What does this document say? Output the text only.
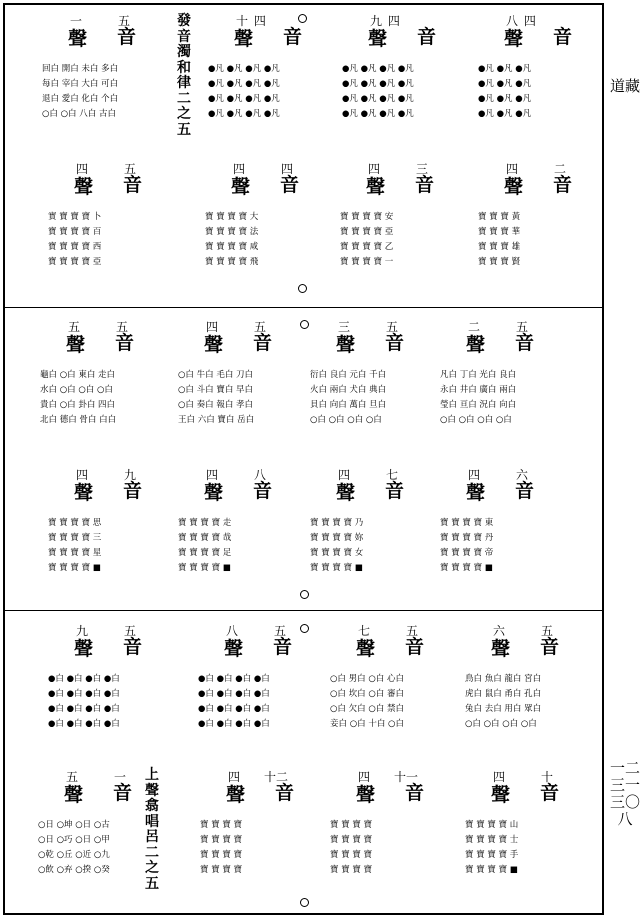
道藏
一二三一三〇八
發音濁和律二之五
上聲翕唱呂二之五
一	五
聲 音
回白 開白 未白 多白
每白 宰白 大白 可白
退白 愛白 化白 个白
○白 ○白 八白 古白
十 四
聲 音
●凡 ●凡 ●凡 ●凡
●凡 ●凡 ●凡 ●凡
●凡 ●凡 ●凡 ●凡
●凡 ●凡 ●凡 ●凡
九 四
聲 音
●凡 ●凡 ●凡 ●凡
●凡 ●凡 ●凡 ●凡
●凡 ●凡 ●凡 ●凡
●凡 ●凡 ●凡 ●凡
八 四
聲 音
●凡 ●凡 ●凡
●凡 ●凡 ●凡
●凡 ●凡 ●凡
●凡 ●凡 ●凡
四	五
聲 音
實 寶 寶 寶 卜
寶 寶 寶 寶 百
寶 寶 寶 寶 西
寶 寶 寶 寶 亞
四	四
聲 音
寶 寶 寶 寶 大
寶 寶 寶 寶 法
寶 寶 寶 寶 咸
寶 寶 寶 寶 飛
四	三
聲 音
寶 寶 寶 寶 安
寶 寶 寶 寶 亞
寶 寶 寶 寶 乙
寶 寶 寶 寶 一
四	二
聲 音
寶 寶 寶 黃
寶 寶 寶 華
寶 寶 寶 雄
寶 寶 寶 賢
五	五
聲 音
龜白 ○白 東白 走白
水白 ○白 ○白 ○白
貴白 ○白 卦白 四白
北白 德白 骨白 白白
四	五
聲 音
○白 牛白 毛白 刀白
○白 斗白 寶白 早白
○白 奏白 報白 孝白
王白 六白 寶白 岳白
三	五
聲 音
衍白 良白 元白 千白
火白 兩白 犬白 典白
貝白 向白 萬白 旦白
○白 ○白 ○白 ○白
二	五
聲 音
凡白 丁白 光白 良白
永白 井白 廣白 兩白
瑩白 亘白 況白 向白
○白 ○白 ○白 ○白
四	九
聲 音
寶 寶 寶 寶 思
寶 寶 寶 寶 三
寶 寶 寶 寶 星
寶 寶 寶 寶 ■
四	八
聲 音
寶 寶 寶 寶 走
寶 寶 寶 寶 哉
寶 寶 寶 寶 足
寶 寶 寶 寶 ■
四	七
聲 音
寶 寶 寶 寶 乃
寶 寶 寶 寶 妳
寶 寶 寶 寶 女
寶 寶 寶 寶 ■
四	六
聲 音
寶 寶 寶 寶 東
寶 寶 寶 寶 丹
寶 寶 寶 寶 帝
寶 寶 寶 寶 ■
九	五
聲 音
●白 ●白 ●白 ●白
●白 ●白 ●白 ●白
●白 ●白 ●白 ●白
●白 ●白 ●白 ●白
八	五
聲 音
●白 ●白 ●白 ●白
●白 ●白 ●白 ●白
●白 ●白 ●白 ●白
●白 ●白 ●白 ●白
七	五
聲 音
○白 男白 ○白 心白
○白 坎白 ○白 審白
○白 欠白 ○白 禁白
妾白 ○白 十白 ○白
六	五
聲 音
鳥白 魚白 龍白 宮白
虎白 鼠白 甬白 孔白
兔白 去白 用白 眾白
○白 ○白 ○白 ○白
五	一
聲 音
○日 ○坤 ○日 ○古
○日 ○巧 ○日 ○甲
○乾 ○丘 ○近 ○九
○飲 ○弃 ○揆 ○癸
四 十二
聲 音
寶 寶 寶 寶
寶 寶 寶 寶
寶 寶 寶 寶
寶 寶 寶 寶
四 十一
聲 音
寶 寶 寶 寶
寶 寶 寶 寶
寶 寶 寶 寶
寶 寶 寶 寶
四	十
聲 音
寶 寶 寶 寶 山
寶 寶 寶 寶 士
寶 寶 寶 寶 手
寶 寶 寶 寶 ■
